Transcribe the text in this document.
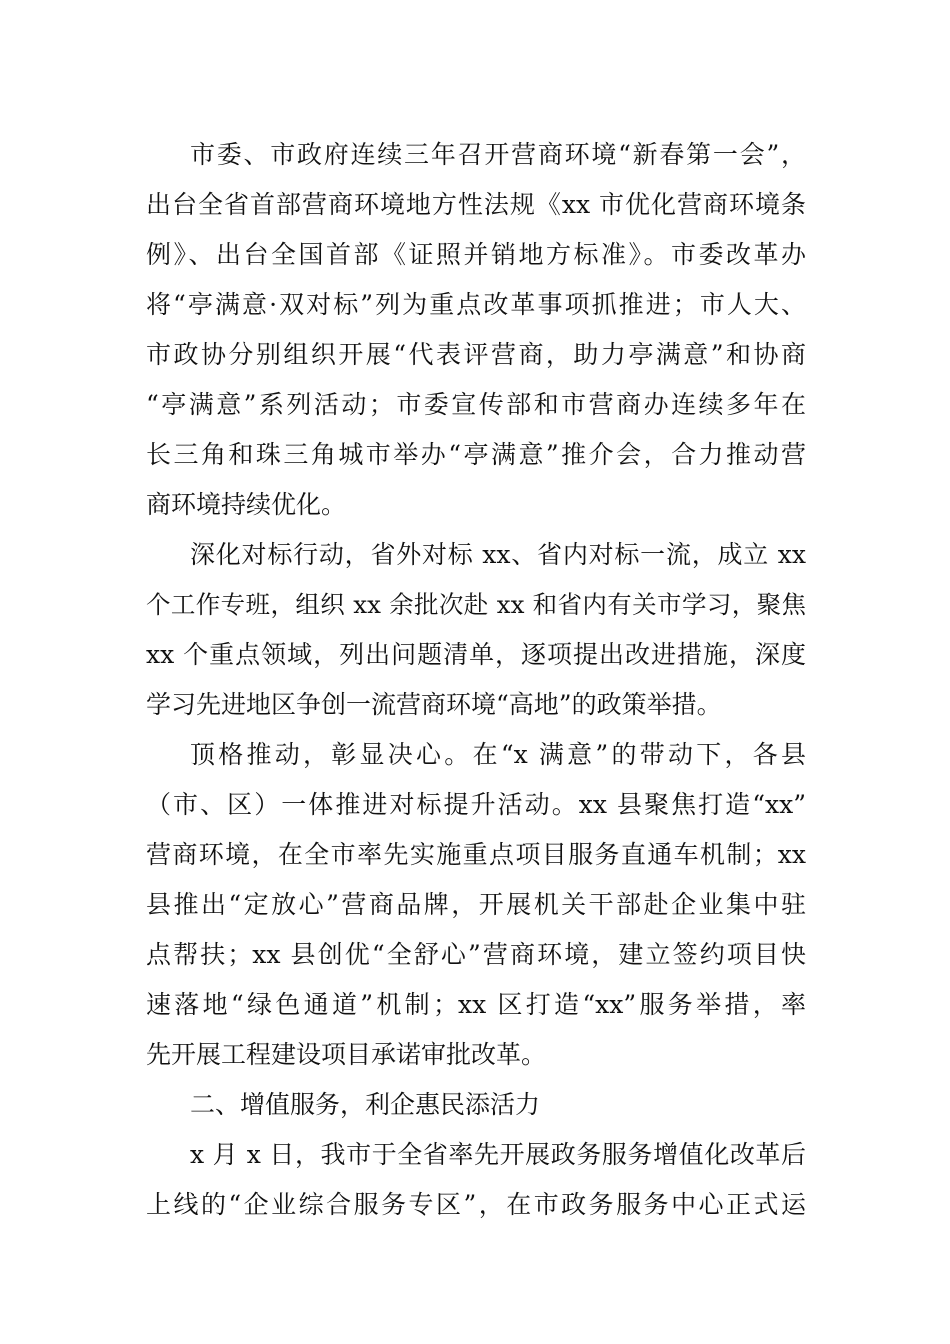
市委、市政府连续三年召开营商环境“新春第一会”，
出台全省首部营商环境地方性法规《xx 市优化营商环境条
例》、出台全国首部《证照并销地方标准》。市委改革办
将“亭满意·双对标”列为重点改革事项抓推进；市人大、
市政协分别组织开展“代表评营商，助力亭满意”和协商
“亭满意”系列活动；市委宣传部和市营商办连续多年在
长三角和珠三角城市举办“亭满意”推介会，合力推动营
商环境持续优化。
深化对标行动，省外对标 xx、省内对标一流，成立 xx
个工作专班，组织 xx 余批次赴 xx 和省内有关市学习，聚焦
xx 个重点领域，列出问题清单，逐项提出改进措施，深度
学习先进地区争创一流营商环境“高地”的政策举措。
顶格推动，彰显决心。在“x 满意”的带动下，各县
（市、区）一体推进对标提升活动。xx 县聚焦打造“xx”
营商环境，在全市率先实施重点项目服务直通车机制；xx
县推出“定放心”营商品牌，开展机关干部赴企业集中驻
点帮扶；xx 县创优“全舒心”营商环境，建立签约项目快
速落地“绿色通道”机制；xx 区打造“xx”服务举措，率
先开展工程建设项目承诺审批改革。
二、增值服务，利企惠民添活力
x 月 x 日，我市于全省率先开展政务服务增值化改革后
上线的“企业综合服务专区”，在市政务服务中心正式运
